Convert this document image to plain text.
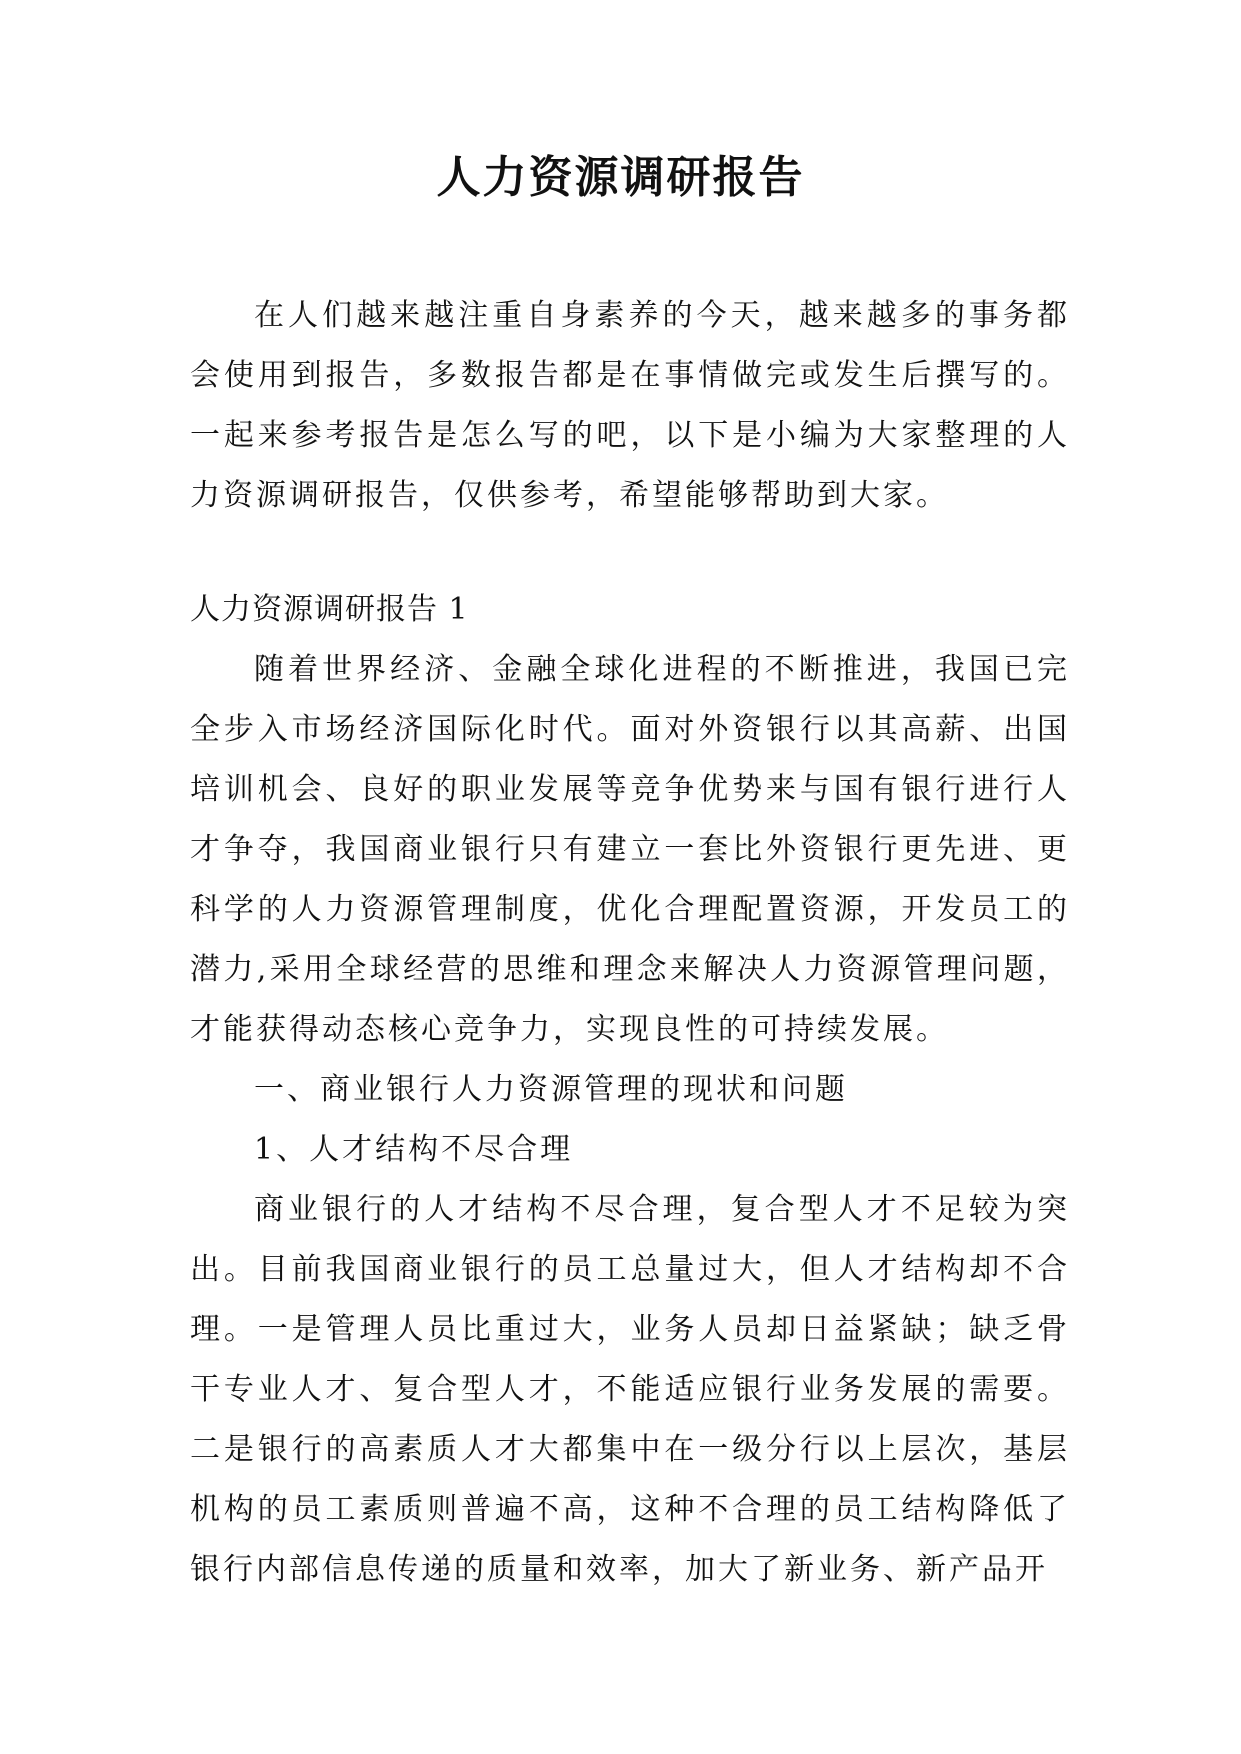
人力资源调研报告

在人们越来越注重自身素养的今天，越来越多的事务都会使用到报告，多数报告都是在事情做完或发生后撰写的。一起来参考报告是怎么写的吧，以下是小编为大家整理的人力资源调研报告，仅供参考，希望能够帮助到大家。

人力资源调研报告 1

随着世界经济、金融全球化进程的不断推进，我国已完全步入市场经济国际化时代。面对外资银行以其高薪、出国培训机会、良好的职业发展等竞争优势来与国有银行进行人才争夺，我国商业银行只有建立一套比外资银行更先进、更科学的人力资源管理制度，优化合理配置资源，开发员工的潜力,采用全球经营的思维和理念来解决人力资源管理问题，才能获得动态核心竞争力，实现良性的可持续发展。

一、商业银行人力资源管理的现状和问题

1、人才结构不尽合理

商业银行的人才结构不尽合理，复合型人才不足较为突出。目前我国商业银行的员工总量过大，但人才结构却不合理。一是管理人员比重过大，业务人员却日益紧缺；缺乏骨干专业人才、复合型人才，不能适应银行业务发展的需要。二是银行的高素质人才大都集中在一级分行以上层次，基层机构的员工素质则普遍不高，这种不合理的员工结构降低了银行内部信息传递的质量和效率，加大了新业务、新产品开
